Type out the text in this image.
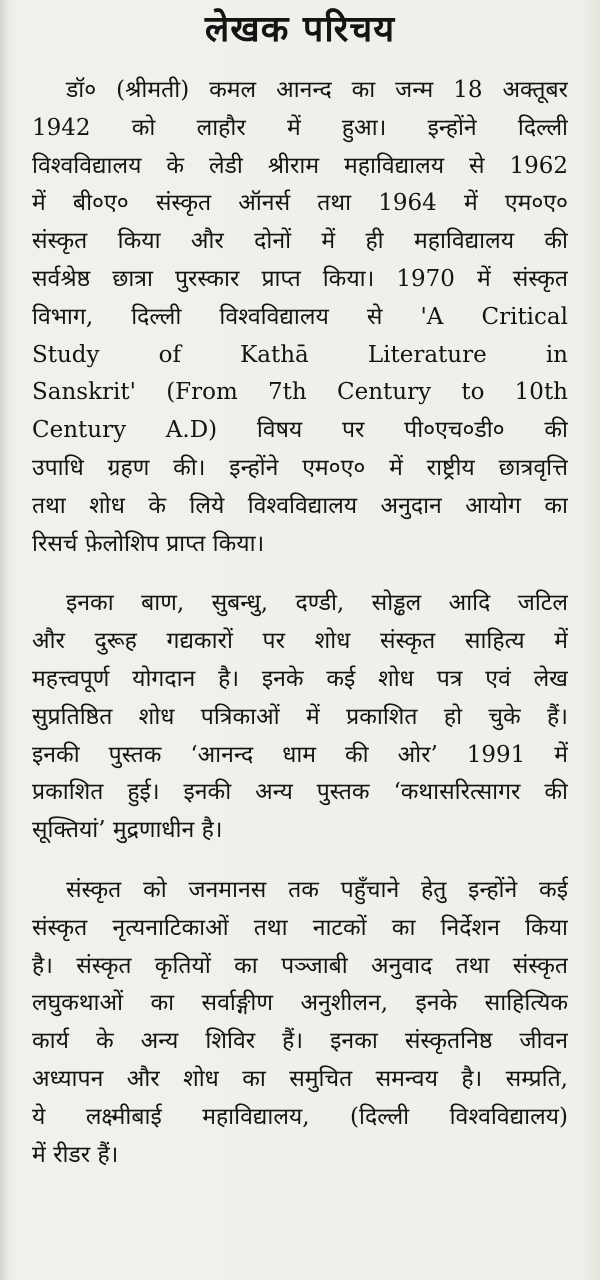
लेखक परिचय
डॉ० (श्रीमती) कमल आनन्द का जन्म 18 अक्तूबर
1942 को लाहौर में हुआ। इन्होंने दिल्ली
विश्वविद्यालय के लेडी श्रीराम महाविद्यालय से 1962
में बी०ए० संस्कृत ऑनर्स तथा 1964 में एम०ए०
संस्कृत किया और दोनों में ही महाविद्यालय की
सर्वश्रेष्ठ छात्रा पुरस्कार प्राप्त किया। 1970 में संस्कृत
विभाग, दिल्ली विश्वविद्यालय से 'A Critical
Study of Kathā Literature in
Sanskrit' (From 7th Century to 10th
Century A.D) विषय पर पी०एच०डी० की
उपाधि ग्रहण की। इन्होंने एम०ए० में राष्ट्रीय छात्रवृत्ति
तथा शोध के लिये विश्वविद्यालय अनुदान आयोग का
रिसर्च फ़ेलोशिप प्राप्त किया।
इनका बाण, सुबन्धु, दण्डी, सोड्ढल आदि जटिल
और दुरूह गद्यकारों पर शोध संस्कृत साहित्य में
महत्त्वपूर्ण योगदान है। इनके कई शोध पत्र एवं लेख
सुप्रतिष्ठित शोध पत्रिकाओं में प्रकाशित हो चुके हैं।
इनकी पुस्तक ‘आनन्द धाम की ओर’ 1991 में
प्रकाशित हुई। इनकी अन्य पुस्तक ‘कथासरित्सागर की
सूक्तियां’ मुद्रणाधीन है।
संस्कृत को जनमानस तक पहुँचाने हेतु इन्होंने कई
संस्कृत नृत्यनाटिकाओं तथा नाटकों का निर्देशन किया
है। संस्कृत कृतियों का पञ्जाबी अनुवाद तथा संस्कृत
लघुकथाओं का सर्वाङ्गीण अनुशीलन, इनके साहित्यिक
कार्य के अन्य शिविर हैं। इनका संस्कृतनिष्ठ जीवन
अध्यापन और शोध का समुचित समन्वय है। सम्प्रति,
ये लक्ष्मीबाई महाविद्यालय, (दिल्ली विश्वविद्यालय)
में रीडर हैं।
